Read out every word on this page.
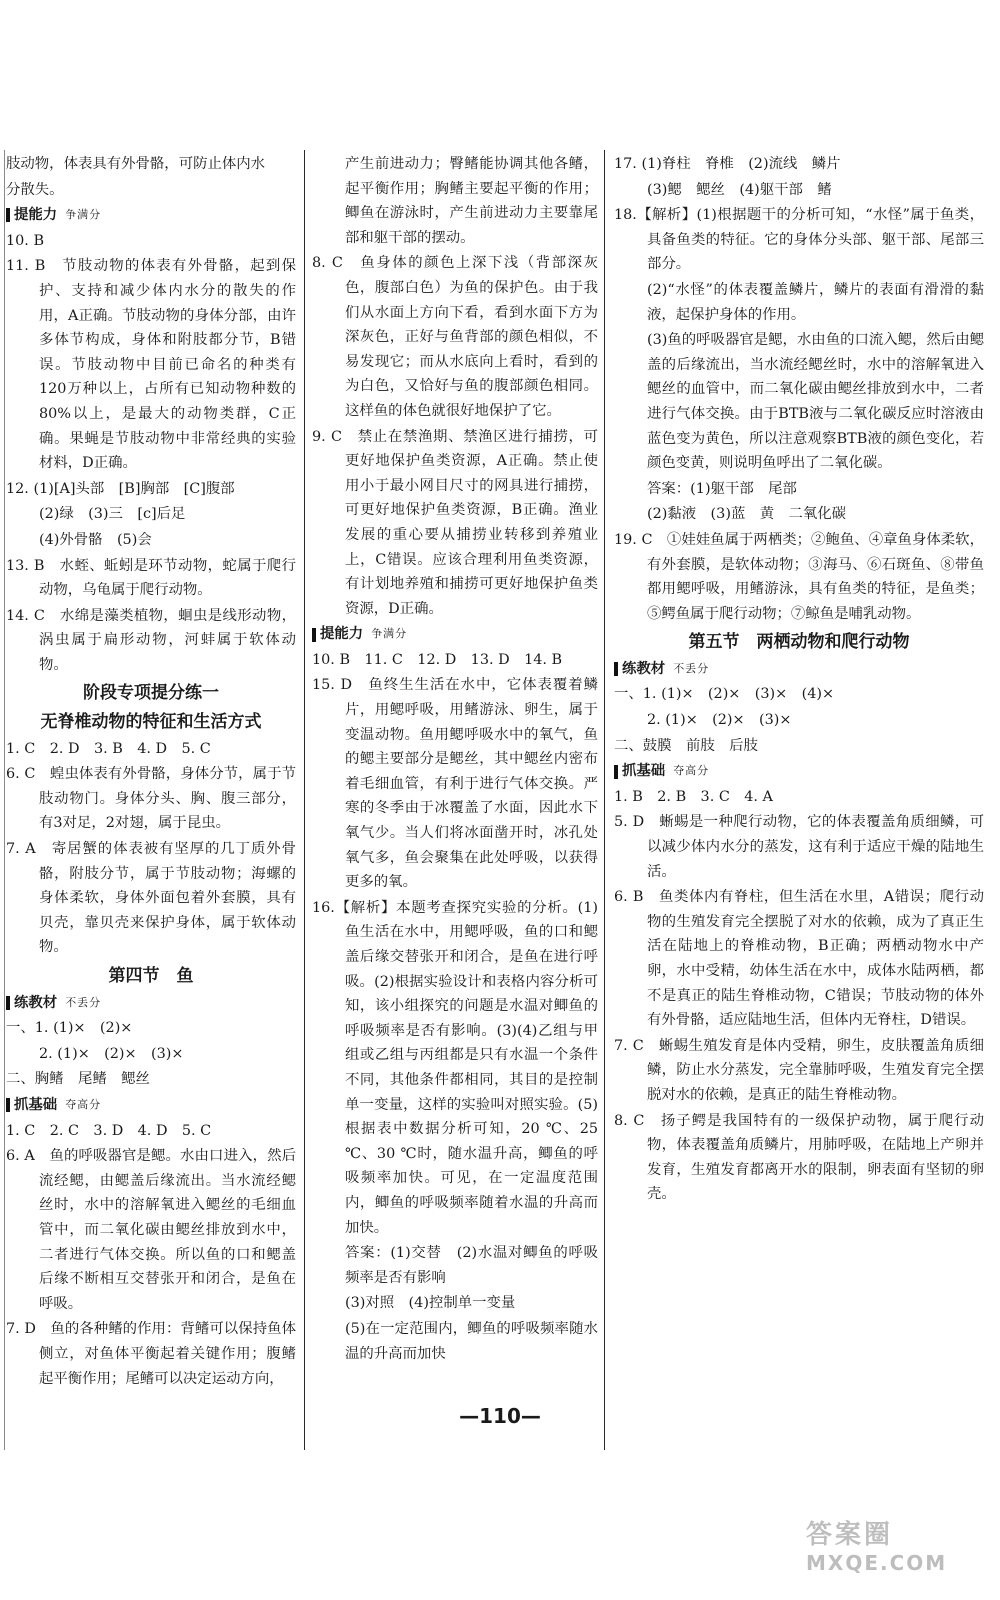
肢动物，体表具有外骨骼，可防止体内水

分散失。

提能力 争满分

10. B

11. B　节肢动物的体表有外骨骼，起到保护、支持和减少体内水分的散失的作用，A正确。节肢动物的身体分部，由许多体节构成，身体和附肢都分节，B错误。节肢动物中目前已命名的种类有120万种以上，占所有已知动物种数的80%以上，是最大的动物类群，C正确。果蝇是节肢动物中非常经典的实验材料，D正确。

12. (1)[A]头部　[B]胸部　[C]腹部

(2)绿　(3)三　[c]后足

(4)外骨骼　(5)会

13. B　水蛭、蚯蚓是环节动物，蛇属于爬行动物，乌龟属于爬行动物。

14. C　水绵是藻类植物，蛔虫是线形动物，涡虫属于扁形动物，河蚌属于软体动物。

阶段专项提分练一
无脊椎动物的特征和生活方式

1. C　2. D　3. B　4. D　5. C

6. C　蝗虫体表有外骨骼，身体分节，属于节肢动物门。身体分头、胸、腹三部分，有3对足，2对翅，属于昆虫。

7. A　寄居蟹的体表被有坚厚的几丁质外骨骼，附肢分节，属于节肢动物；海螺的身体柔软，身体外面包着外套膜，具有贝壳，靠贝壳来保护身体，属于软体动物。

第四节　鱼
练教材 不丢分

一、1. (1)×　(2)×

2. (1)×　(2)×　(3)×

二、胸鳍　尾鳍　鳃丝

抓基础 夺高分

1. C　2. C　3. D　4. D　5. C

6. A　鱼的呼吸器官是鳃。水由口进入，然后流经鳃，由鳃盖后缘流出。当水流经鳃丝时，水中的溶解氧进入鳃丝的毛细血管中，而二氧化碳由鳃丝排放到水中，二者进行气体交换。所以鱼的口和鳃盖后缘不断相互交替张开和闭合，是鱼在呼吸。

7. D　鱼的各种鳍的作用：背鳍可以保持鱼体侧立，对鱼体平衡起着关键作用；腹鳍起平衡作用；尾鳍可以决定运动方向，

产生前进动力；臀鳍能协调其他各鳍，起平衡作用；胸鳍主要起平衡的作用；鲫鱼在游泳时，产生前进动力主要靠尾部和躯干部的摆动。

8. C　鱼身体的颜色上深下浅（背部深灰色，腹部白色）为鱼的保护色。由于我们从水面上方向下看，看到水面下方为深灰色，正好与鱼背部的颜色相似，不易发现它；而从水底向上看时，看到的为白色，又恰好与鱼的腹部颜色相同。这样鱼的体色就很好地保护了它。

9. C　禁止在禁渔期、禁渔区进行捕捞，可更好地保护鱼类资源，A正确。禁止使用小于最小网目尺寸的网具进行捕捞，可更好地保护鱼类资源，B正确。渔业发展的重心要从捕捞业转移到养殖业上，C错误。应该合理利用鱼类资源，有计划地养殖和捕捞可更好地保护鱼类资源，D正确。

提能力 争满分

10. B　11. C　12. D　13. D　14. B

15. D　鱼终生生活在水中，它体表覆着鳞片，用鳃呼吸，用鳍游泳、卵生，属于变温动物。鱼用鳃呼吸水中的氧气，鱼的鳃主要部分是鳃丝，其中鳃丝内密布着毛细血管，有利于进行气体交换。严寒的冬季由于冰覆盖了水面，因此水下氧气少。当人们将冰面凿开时，冰孔处氧气多，鱼会聚集在此处呼吸，以获得更多的氧。

16.【解析】本题考查探究实验的分析。(1)鱼生活在水中，用鳃呼吸，鱼的口和鳃盖后缘交替张开和闭合，是鱼在进行呼吸。(2)根据实验设计和表格内容分析可知，该小组探究的问题是水温对鲫鱼的呼吸频率是否有影响。(3)(4)乙组与甲组或乙组与丙组都是只有水温一个条件不同，其他条件都相同，其目的是控制单一变量，这样的实验叫对照实验。(5)根据表中数据分析可知，20 ℃、25 ℃、30 ℃时，随水温升高，鲫鱼的呼吸频率加快。可见，在一定温度范围内，鲫鱼的呼吸频率随着水温的升高而加快。

答案：(1)交替　(2)水温对鲫鱼的呼吸频率是否有影响

(3)对照　(4)控制单一变量

(5)在一定范围内，鲫鱼的呼吸频率随水温的升高而加快

17. (1)脊柱　脊椎　(2)流线　鳞片

(3)鳃　鳃丝　(4)躯干部　鳍

18.【解析】(1)根据题干的分析可知，“水怪”属于鱼类，具备鱼类的特征。它的身体分头部、躯干部、尾部三部分。

(2)“水怪”的体表覆盖鳞片，鳞片的表面有滑滑的黏液，起保护身体的作用。

(3)鱼的呼吸器官是鳃，水由鱼的口流入鳃，然后由鳃盖的后缘流出，当水流经鳃丝时，水中的溶解氧进入鳃丝的血管中，而二氧化碳由鳃丝排放到水中，二者进行气体交换。由于BTB液与二氧化碳反应时溶液由蓝色变为黄色，所以注意观察BTB液的颜色变化，若颜色变黄，则说明鱼呼出了二氧化碳。

答案：(1)躯干部　尾部

(2)黏液　(3)蓝　黄　二氧化碳

19. C　①娃娃鱼属于两栖类；②鲍鱼、④章鱼身体柔软，有外套膜，是软体动物；③海马、⑥石斑鱼、⑧带鱼都用鳃呼吸，用鳍游泳，具有鱼类的特征，是鱼类；⑤鳄鱼属于爬行动物；⑦鲸鱼是哺乳动物。

第五节　两栖动物和爬行动物
练教材 不丢分

一、1. (1)×　(2)×　(3)×　(4)×

2. (1)×　(2)×　(3)×

二、鼓膜　前肢　后肢

抓基础 夺高分

1. B　2. B　3. C　4. A

5. D　蜥蜴是一种爬行动物，它的体表覆盖角质细鳞，可以减少体内水分的蒸发，这有利于适应干燥的陆地生活。

6. B　鱼类体内有脊柱，但生活在水里，A错误；爬行动物的生殖发育完全摆脱了对水的依赖，成为了真正生活在陆地上的脊椎动物，B正确；两栖动物水中产卵，水中受精，幼体生活在水中，成体水陆两栖，都不是真正的陆生脊椎动物，C错误；节肢动物的体外有外骨骼，适应陆地生活，但体内无脊柱，D错误。

7. C　蜥蜴生殖发育是体内受精，卵生，皮肤覆盖角质细鳞，防止水分蒸发，完全靠肺呼吸，生殖发育完全摆脱对水的依赖，是真正的陆生脊椎动物。

8. C　扬子鳄是我国特有的一级保护动物，属于爬行动物，体表覆盖角质鳞片，用肺呼吸，在陆地上产卵并发育，生殖发育都离开水的限制，卵表面有坚韧的卵壳。

—110—
答案圈
MXQE.COM
